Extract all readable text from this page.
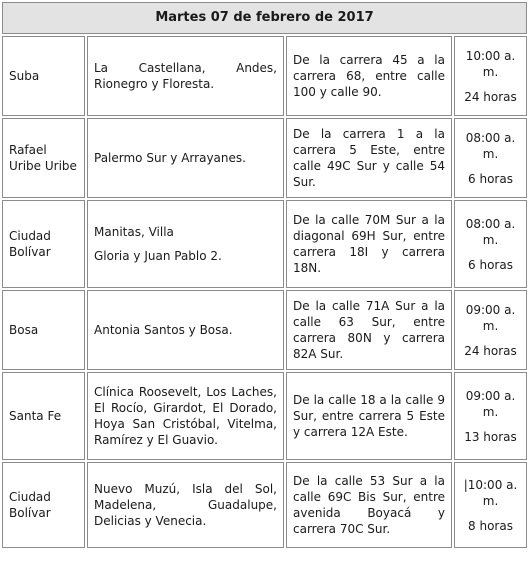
Martes 07 de febrero de 2017			
Suba	La Castellana, Andes, Rionegro y Floresta.	De la carrera 45 a la carrera 68, entre calle 100 y calle 90.	10:00 a.
m.
24 horas

Rafael Uribe Uribe	Palermo Sur y Arrayanes.	De la carrera 1 a la carrera 5 Este, entre calle 49C Sur y calle 54 Sur.	08:00 a.
m.
6 horas

Ciudad Bolívar	Manitas, Villa
Gloria y Juan Pablo 2.	De la calle 70M Sur a la diagonal 69H Sur, entre carrera 18I y carrera 18N.	08:00 a.
m.
6 horas

Bosa	Antonia Santos y Bosa.	De la calle 71A Sur a la calle 63 Sur, entre carrera 80N y carrera 82A Sur.	09:00 a.
m.
24 horas

Santa Fe	Clínica Roosevelt, Los Laches, El Rocío, Girardot, El Dorado, Hoya San Cristóbal, Vitelma, Ramírez y El Guavio.	De la calle 18 a la calle 9 Sur, entre carrera 5 Este y carrera 12A Este.	09:00 a.
m.
13 horas

Ciudad Bolívar	Nuevo Muzú, Isla del Sol, Madelena, Guadalupe, Delicias y Venecia.	De la calle 53 Sur a la calle 69C Bis Sur, entre avenida Boyacá y carrera 70C Sur.	|10:00 a.
m.
8 horas
